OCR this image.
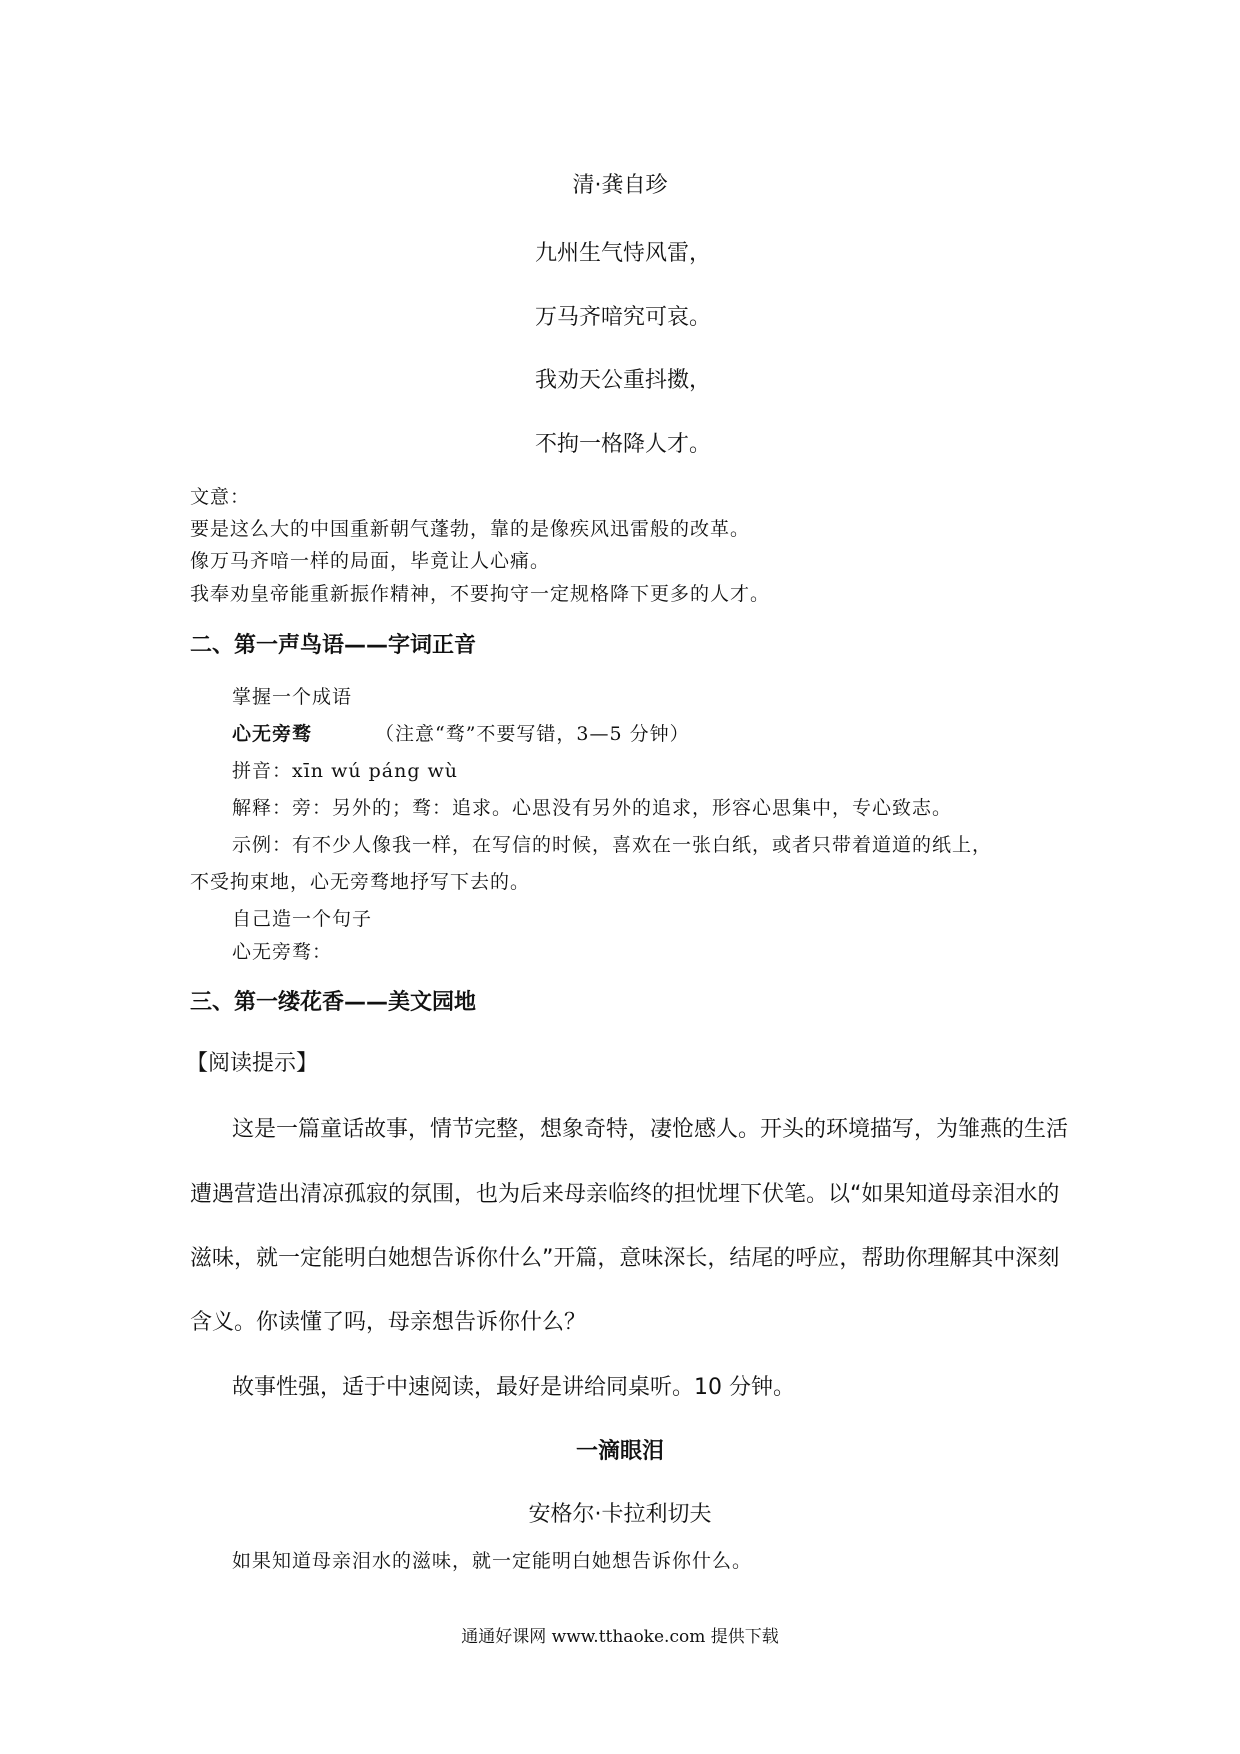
清·龚自珍
九州生气恃风雷，
万马齐喑究可哀。
我劝天公重抖擞，
不拘一格降人才。
文意：
要是这么大的中国重新朝气蓬勃，靠的是像疾风迅雷般的改革。
像万马齐喑一样的局面，毕竟让人心痛。
我奉劝皇帝能重新振作精神，不要拘守一定规格降下更多的人才。
二、第一声鸟语——字词正音
掌握一个成语
心无旁骛	（注意“骛”不要写错，3—5 分钟）
拼音：xīn wú páng wù
解释：旁：另外的；骛：追求。心思没有另外的追求，形容心思集中，专心致志。
示例：有不少人像我一样，在写信的时候，喜欢在一张白纸，或者只带着道道的纸上，
不受拘束地，心无旁骛地抒写下去的。
自己造一个句子
心无旁骛：
三、第一缕花香——美文园地
【阅读提示】
这是一篇童话故事，情节完整，想象奇特，凄怆感人。开头的环境描写，为雏燕的生活
遭遇营造出清凉孤寂的氛围，也为后来母亲临终的担忧埋下伏笔。以“如果知道母亲泪水的
滋味，就一定能明白她想告诉你什么”开篇，意味深长，结尾的呼应，帮助你理解其中深刻
含义。你读懂了吗，母亲想告诉你什么？
故事性强，适于中速阅读，最好是讲给同桌听。10 分钟。
一滴眼泪
安格尔·卡拉利切夫
如果知道母亲泪水的滋味，就一定能明白她想告诉你什么。
通通好课网 www.tthaoke.com 提供下载
